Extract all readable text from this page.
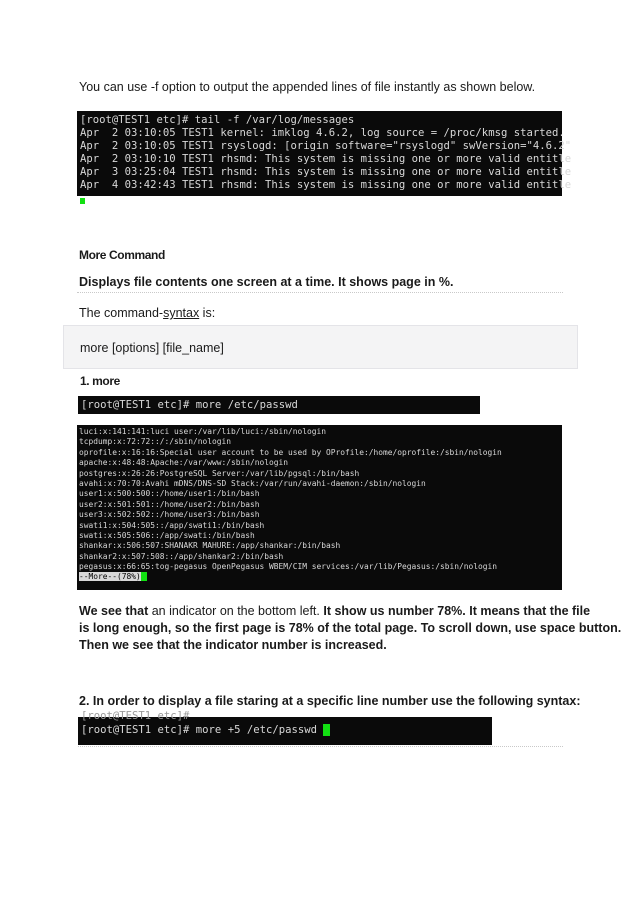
You can use -f option to output the appended lines of file instantly as shown below.
[root@TEST1 etc]# tail -f /var/log/messages
Apr  2 03:10:05 TEST1 kernel: imklog 4.6.2, log source = /proc/kmsg started.
Apr  2 03:10:05 TEST1 rsyslogd: [origin software="rsyslogd" swVersion="4.6.2"
Apr  2 03:10:10 TEST1 rhsmd: This system is missing one or more valid entitle
Apr  3 03:25:04 TEST1 rhsmd: This system is missing one or more valid entitle
Apr  4 03:42:43 TEST1 rhsmd: This system is missing one or more valid entitle
More Command
Displays file contents one screen at a time. It shows page in %.
The command-syntax is:
more [options] [file_name]
1. more
[root@TEST1 etc]# more /etc/passwd
luci:x:141:141:luci user:/var/lib/luci:/sbin/nologin
tcpdump:x:72:72::/:/sbin/nologin
oprofile:x:16:16:Special user account to be used by OProfile:/home/oprofile:/sbin/nologin
apache:x:48:48:Apache:/var/www:/sbin/nologin
postgres:x:26:26:PostgreSQL Server:/var/lib/pgsql:/bin/bash
avahi:x:70:70:Avahi mDNS/DNS-SD Stack:/var/run/avahi-daemon:/sbin/nologin
user1:x:500:500::/home/user1:/bin/bash
user2:x:501:501::/home/user2:/bin/bash
user3:x:502:502::/home/user3:/bin/bash
swati1:x:504:505::/app/swati1:/bin/bash
swati:x:505:506::/app/swati:/bin/bash
shankar:x:506:507:SHANAKR MAHURE:/app/shankar:/bin/bash
shankar2:x:507:508::/app/shankar2:/bin/bash
pegasus:x:66:65:tog-pegasus OpenPegasus WBEM/CIM services:/var/lib/Pegasus:/sbin/nologin
--More--(78%)
We see that an indicator on the bottom left. It show us number 78%. It means that the file
is long enough, so the first page is 78% of the total page. To scroll down, use space button.
Then we see that the indicator number is increased.
2. In order to display a file staring at a specific line number use the following syntax:
[root@TEST1 etc]#
[root@TEST1 etc]# more +5 /etc/passwd
